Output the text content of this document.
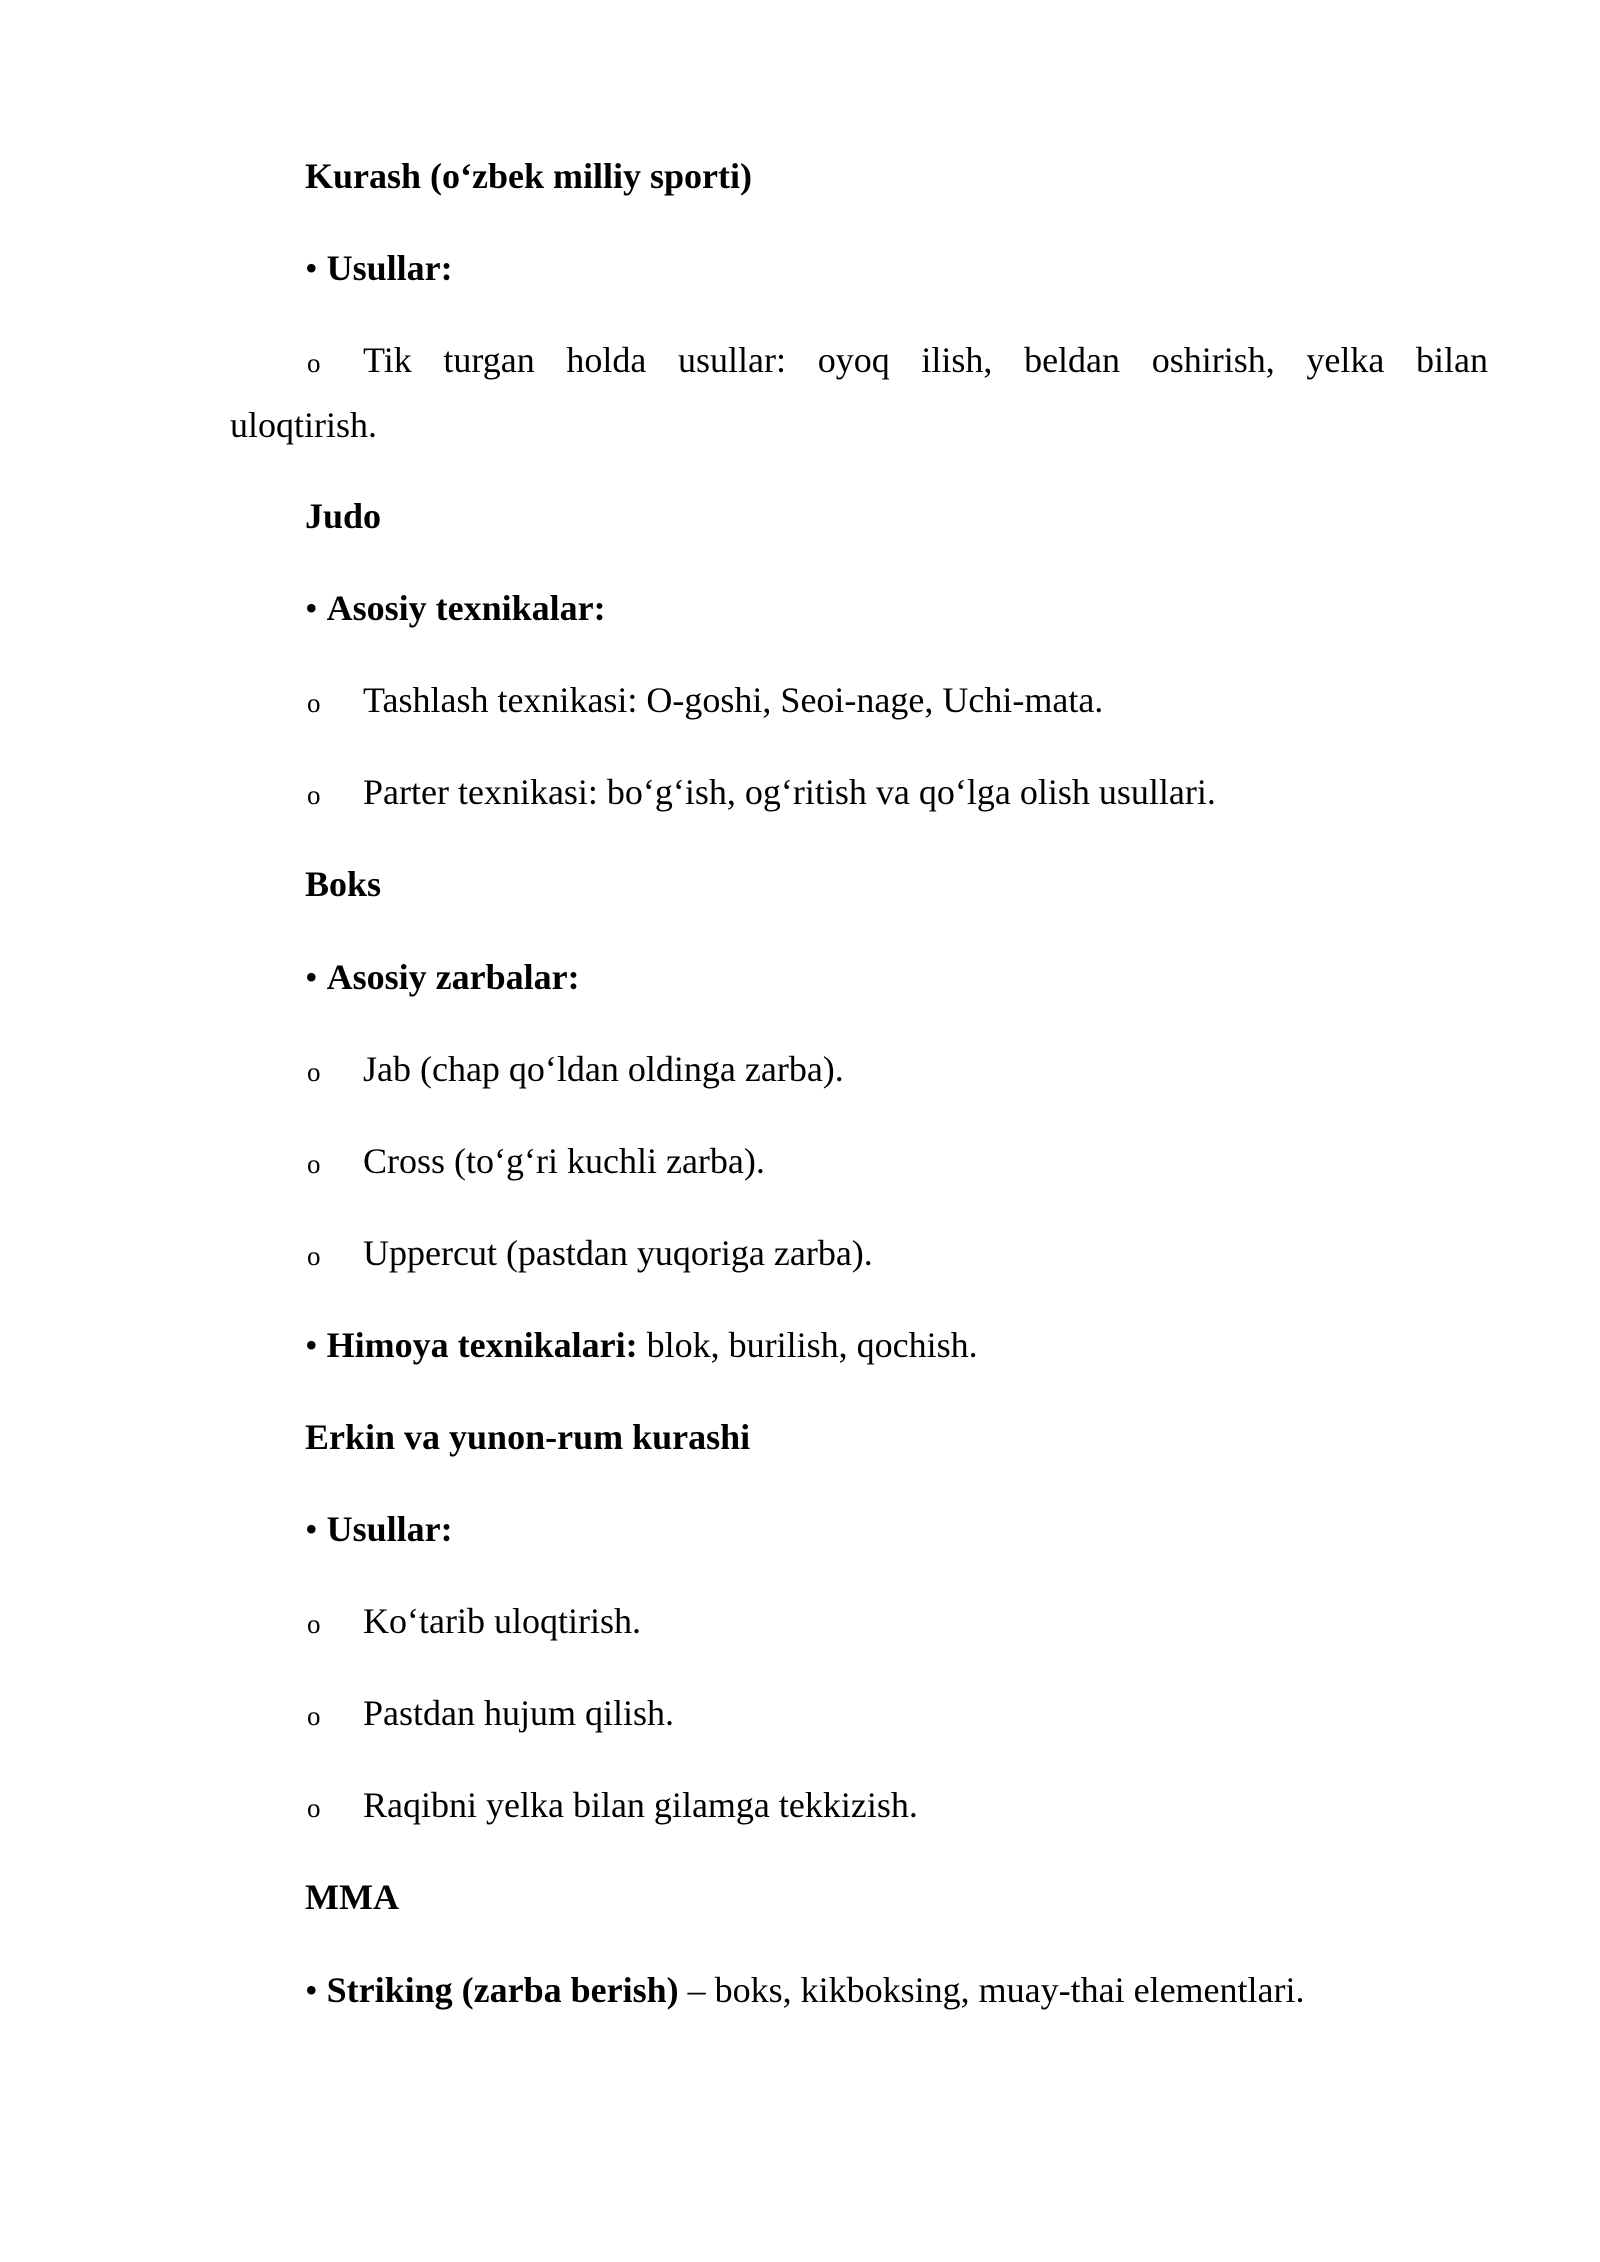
Kurash (o‘zbek milliy sporti)
• Usullar:
o Tik turgan holda usullar: oyoq ilish, beldan oshirish, yelka bilan
uloqtirish.
Judo
• Asosiy texnikalar:
o Tashlash texnikasi: O-goshi, Seoi-nage, Uchi-mata.
o Parter texnikasi: bo‘g‘ish, og‘ritish va qo‘lga olish usullari.
Boks
• Asosiy zarbalar:
o Jab (chap qo‘ldan oldinga zarba).
o Cross (to‘g‘ri kuchli zarba).
o Uppercut (pastdan yuqoriga zarba).
• Himoya texnikalari: blok, burilish, qochish.
Erkin va yunon-rum kurashi
• Usullar:
o Ko‘tarib uloqtirish.
o Pastdan hujum qilish.
o Raqibni yelka bilan gilamga tekkizish.
MMA
• Striking (zarba berish) – boks, kikboksing, muay-thai elementlari.
